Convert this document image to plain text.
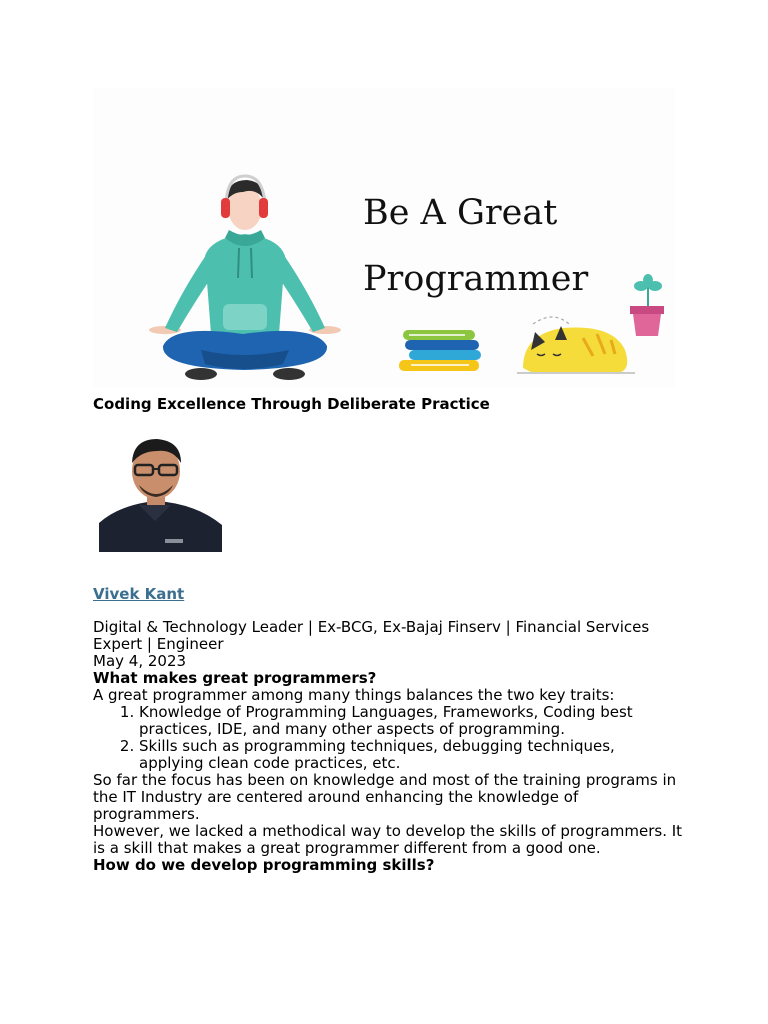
Be A Great
Programmer

Coding Excellence Through Deliberate Practice

Vivek Kant

Digital & Technology Leader | Ex-BCG, Ex-Bajaj Finserv | Financial Services Expert | Engineer

May 4, 2023

What makes great programmers?

A great programmer among many things balances the two key traits:

1. Knowledge of Programming Languages, Frameworks, Coding best practices, IDE, and many other aspects of programming.
2. Skills such as programming techniques, debugging techniques, applying clean code practices, etc.

So far the focus has been on knowledge and most of the training programs in the IT Industry are centered around enhancing the knowledge of programmers.

However, we lacked a methodical way to develop the skills of programmers. It is a skill that makes a great programmer different from a good one.

How do we develop programming skills?
